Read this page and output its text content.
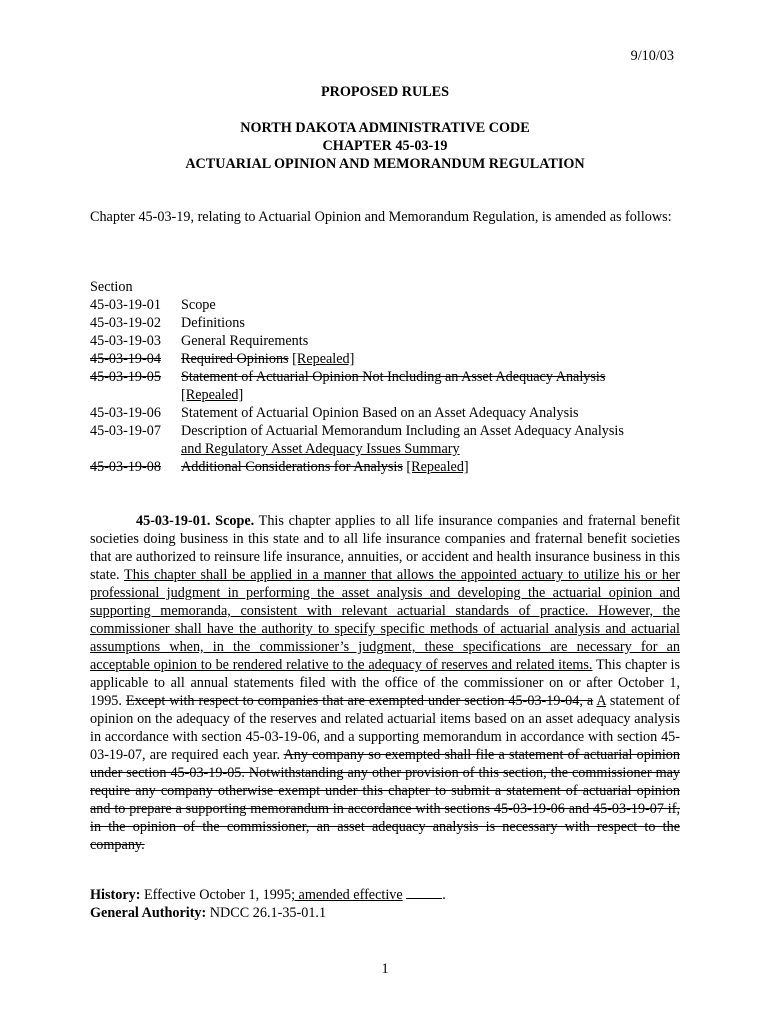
9/10/03
PROPOSED RULES
NORTH DAKOTA ADMINISTRATIVE CODE
CHAPTER 45-03-19
ACTUARIAL OPINION AND MEMORANDUM REGULATION
Chapter 45-03-19, relating to Actuarial Opinion and Memorandum Regulation, is amended as follows:
Section
45-03-19-01	Scope
45-03-19-02	Definitions
45-03-19-03	General Requirements
45-03-19-04	Required Opinions [Repealed]
45-03-19-05	Statement of Actuarial Opinion Not Including an Asset Adequacy Analysis
[Repealed]
45-03-19-06	Statement of Actuarial Opinion Based on an Asset Adequacy Analysis
45-03-19-07	Description of Actuarial Memorandum Including an Asset Adequacy Analysis
and Regulatory Asset Adequacy Issues Summary
45-03-19-08	Additional Considerations for Analysis [Repealed]
45-03-19-01. Scope. This chapter applies to all life insurance companies and fraternal benefit societies doing business in this state and to all life insurance companies and fraternal benefit societies that are authorized to reinsure life insurance, annuities, or accident and health insurance business in this state. This chapter shall be applied in a manner that allows the appointed actuary to utilize his or her professional judgment in performing the asset analysis and developing the actuarial opinion and supporting memoranda, consistent with relevant actuarial standards of practice. However, the commissioner shall have the authority to specify specific methods of actuarial analysis and actuarial assumptions when, in the commissioner’s judgment, these specifications are necessary for an acceptable opinion to be rendered relative to the adequacy of reserves and related items. This chapter is applicable to all annual statements filed with the office of the commissioner on or after October 1, 1995. Except with respect to companies that are exempted under section 45-03-19-04, a A statement of opinion on the adequacy of the reserves and related actuarial items based on an asset adequacy analysis in accordance with section 45-03-19-06, and a supporting memorandum in accordance with section 45-03-19-07, are required each year. Any company so exempted shall file a statement of actuarial opinion under section 45-03-19-05. Notwithstanding any other provision of this section, the commissioner may require any company otherwise exempt under this chapter to submit a statement of actuarial opinion and to prepare a supporting memorandum in accordance with sections 45-03-19-06 and 45-03-19-07 if, in the opinion of the commissioner, an asset adequacy analysis is necessary with respect to the company.
History: Effective October 1, 1995; amended effective	.
General Authority: NDCC 26.1-35-01.1
1
